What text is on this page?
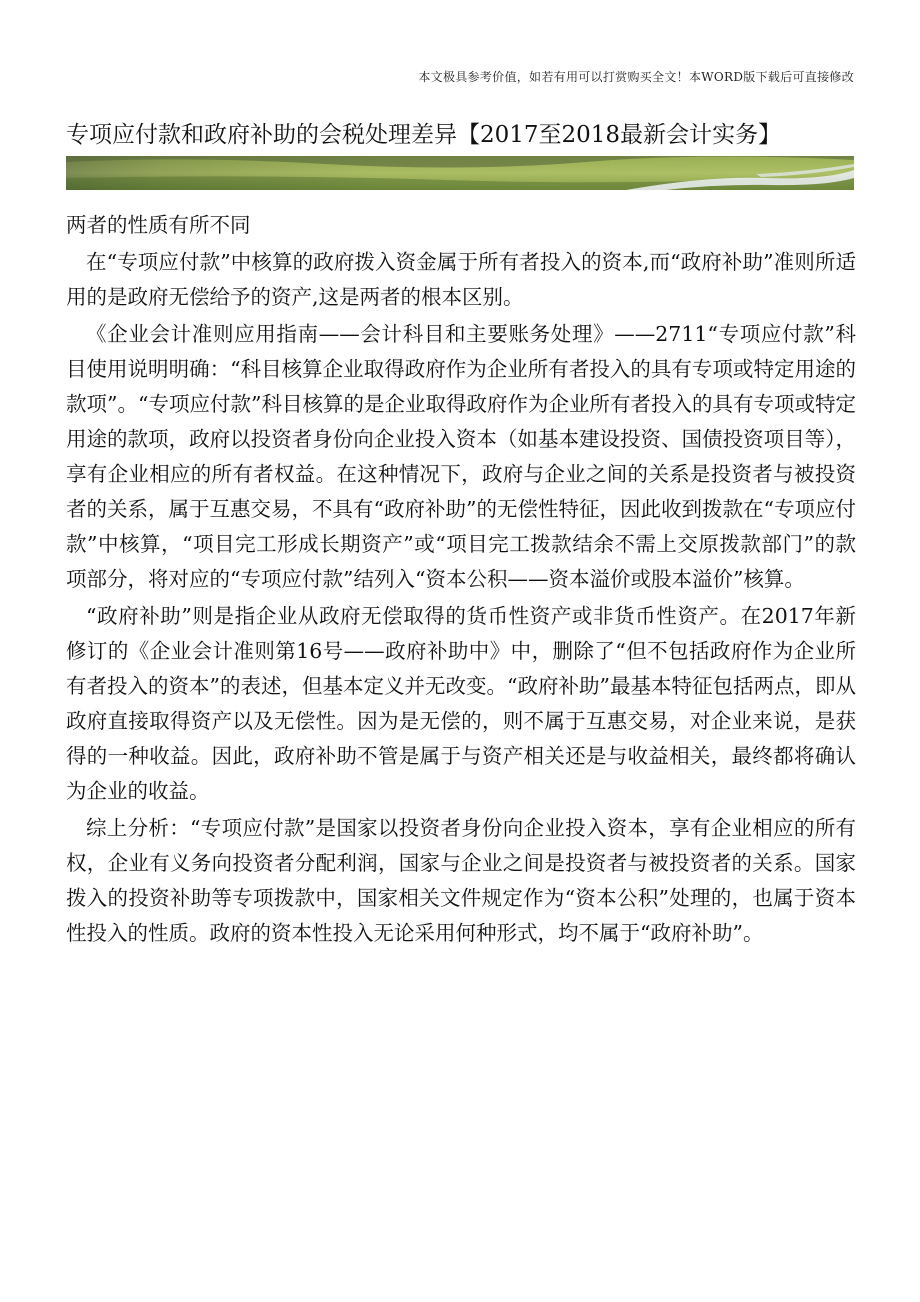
本文极具参考价值，如若有用可以打赏购买全文！本WORD版下载后可直接修改
专项应付款和政府补助的会税处理差异【2017至2018最新会计实务】

两者的性质有所不同

在“专项应付款”中核算的政府拨入资金属于所有者投入的资本,而“政府补助”准则所适用的是政府无偿给予的资产,这是两者的根本区别。

《企业会计准则应用指南——会计科目和主要账务处理》——2711“专项应付款”科目使用说明明确：“科目核算企业取得政府作为企业所有者投入的具有专项或特定用途的款项”。“专项应付款”科目核算的是企业取得政府作为企业所有者投入的具有专项或特定用途的款项，政府以投资者身份向企业投入资本（如基本建设投资、国债投资项目等），享有企业相应的所有者权益。在这种情况下，政府与企业之间的关系是投资者与被投资者的关系，属于互惠交易，不具有“政府补助”的无偿性特征，因此收到拨款在“专项应付款”中核算，“项目完工形成长期资产”或“项目完工拨款结余不需上交原拨款部门”的款项部分，将对应的“专项应付款”结列入“资本公积——资本溢价或股本溢价”核算。

“政府补助”则是指企业从政府无偿取得的货币性资产或非货币性资产。在2017年新修订的《企业会计准则第16号——政府补助中》中，删除了“但不包括政府作为企业所有者投入的资本”的表述，但基本定义并无改变。“政府补助”最基本特征包括两点，即从政府直接取得资产以及无偿性。因为是无偿的，则不属于互惠交易，对企业来说，是获得的一种收益。因此，政府补助不管是属于与资产相关还是与收益相关，最终都将确认为企业的收益。

综上分析：“专项应付款”是国家以投资者身份向企业投入资本，享有企业相应的所有权，企业有义务向投资者分配利润，国家与企业之间是投资者与被投资者的关系。国家拨入的投资补助等专项拨款中，国家相关文件规定作为“资本公积”处理的，也属于资本性投入的性质。政府的资本性投入无论采用何种形式，均不属于“政府补助”。
